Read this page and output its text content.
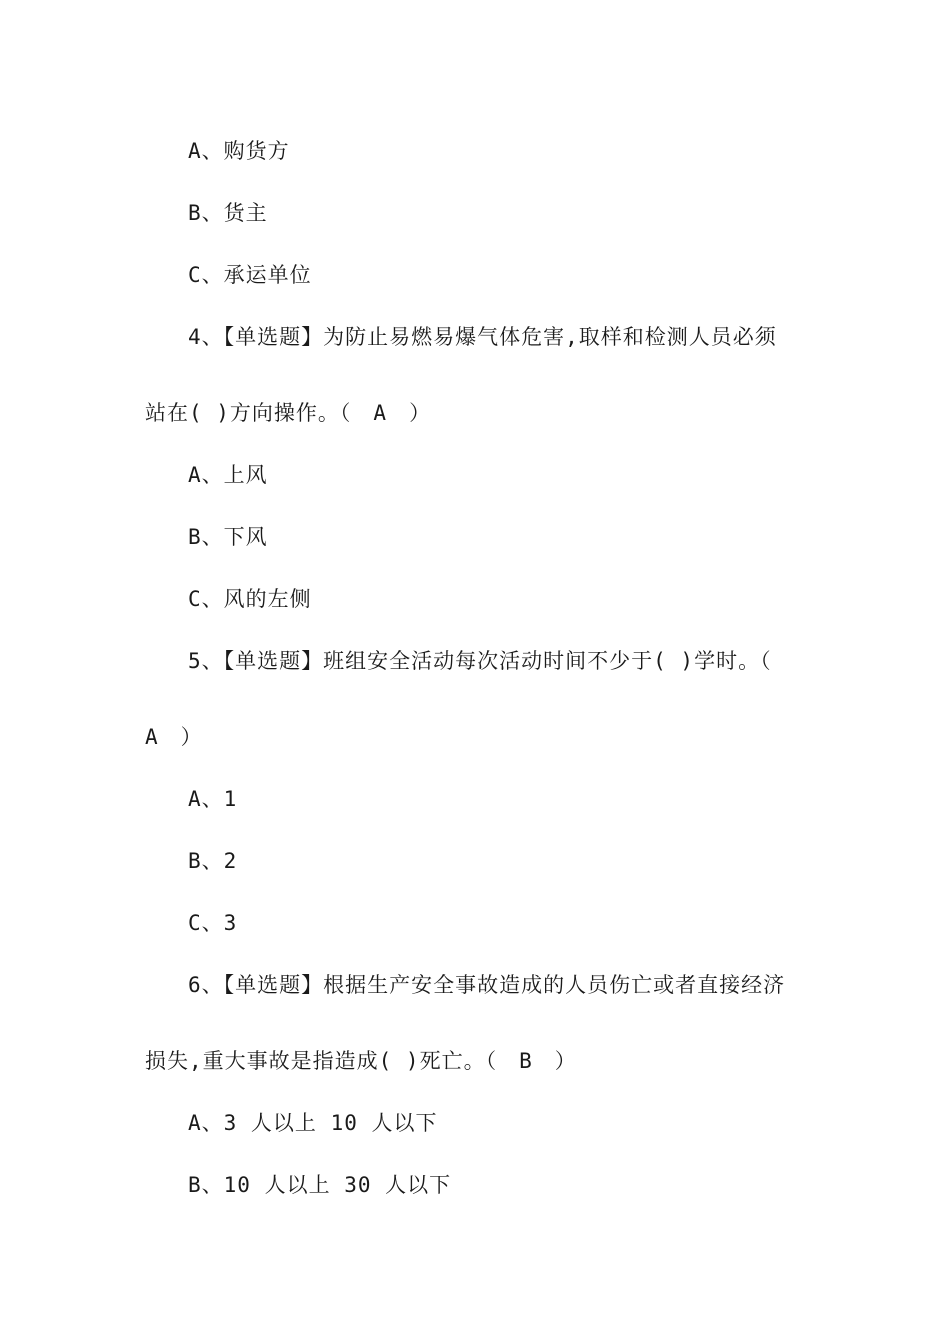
A、购货方
B、货主
C、承运单位
4、【单选题】为防止易燃易爆气体危害,取样和检测人员必须
站在( )方向操作。（　A　）
A、上风
B、下风
C、风的左侧
5、【单选题】班组安全活动每次活动时间不少于( )学时。（
A　）
A、1
B、2
C、3
6、【单选题】根据生产安全事故造成的人员伤亡或者直接经济
损失,重大事故是指造成( )死亡。（　B　）
A、3 人以上 10 人以下
B、10 人以上 30 人以下
